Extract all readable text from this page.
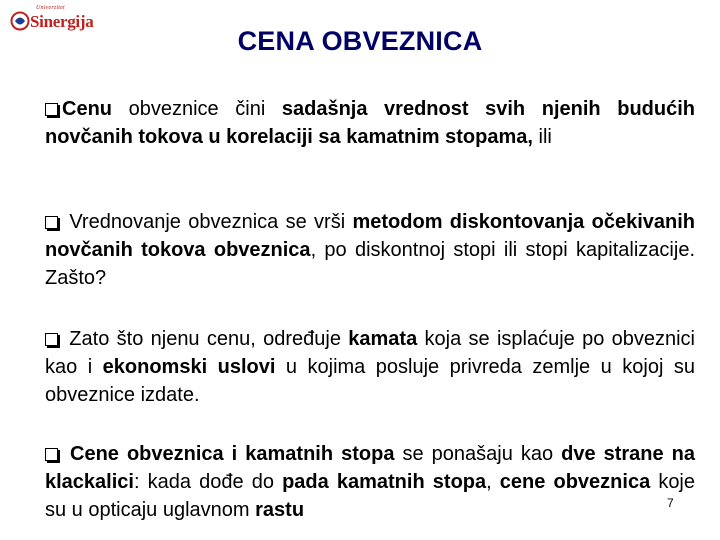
Univerzitet
Sinergija
CENA OBVEZNICA
Cenu obveznice čini sadašnja vrednost svih njenih budućih novčanih tokova u korelaciji sa kamatnim stopama, ili
Vrednovanje obveznica se vrši metodom diskontovanja očekivanih novčanih tokova obveznica, po diskontnoj stopi ili stopi kapitalizacije. Zašto?
Zato što njenu cenu, određuje kamata koja se isplaćuje po obveznici kao i ekonomski uslovi u kojima posluje privreda zemlje u kojoj su obveznice izdate.
Cene obveznica i kamatnih stopa se ponašaju kao dve strane na klackalici: kada dođe do pada kamatnih stopa, cene obveznica koje su u opticaju uglavnom rastu	7
